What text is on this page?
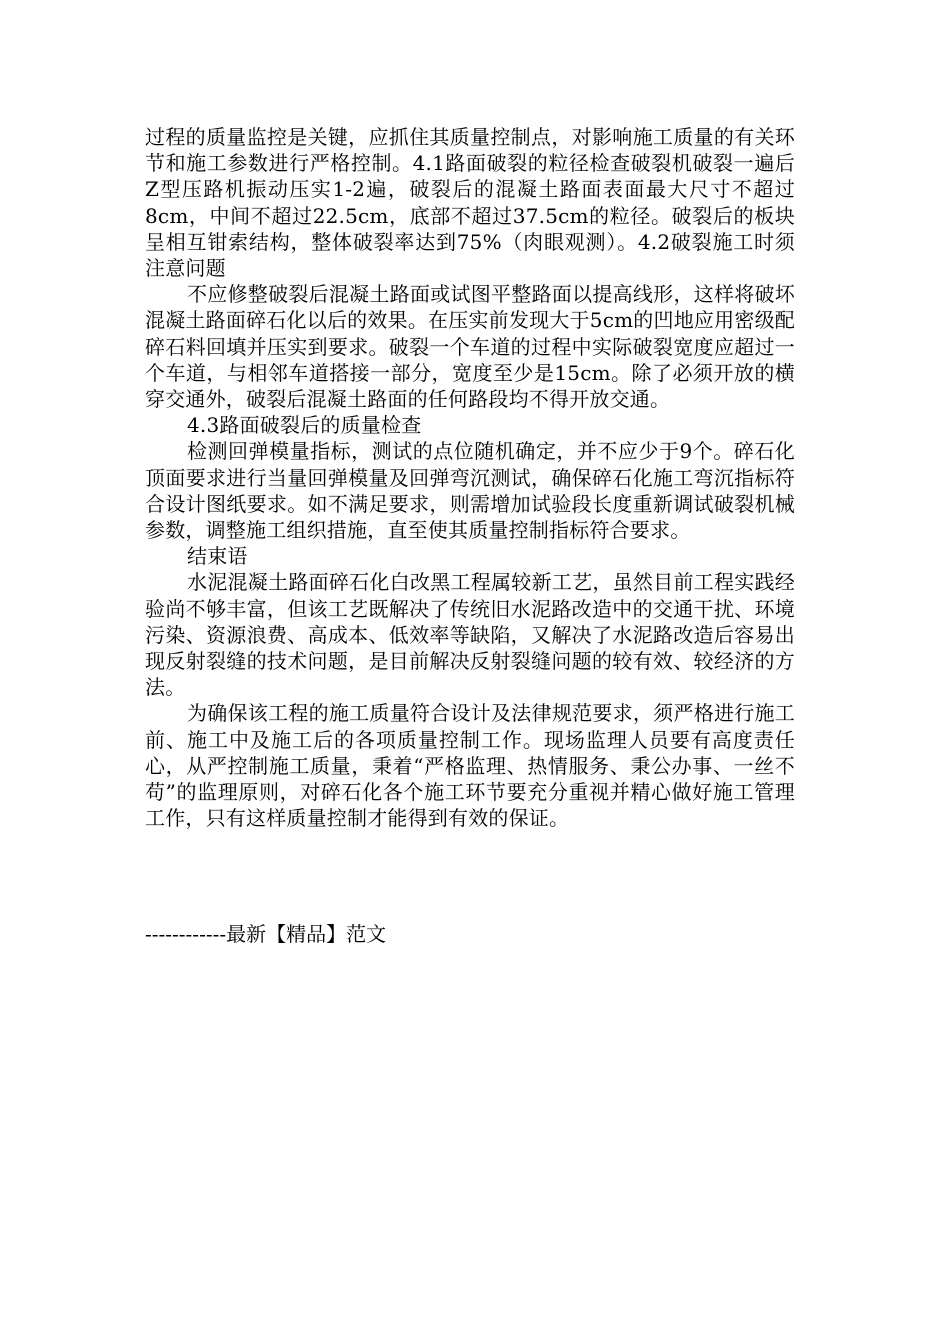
过程的质量监控是关键，应抓住其质量控制点，对影响施工质量的有关环节和施工参数进行严格控制。4.1路面破裂的粒径检查破裂机破裂一遍后Z型压路机振动压实1-2遍，破裂后的混凝土路面表面最大尺寸不超过8cm，中间不超过22.5cm，底部不超过37.5cm的粒径。破裂后的板块呈相互钳索结构，整体破裂率达到75%（肉眼观测）。4.2破裂施工时须注意问题

不应修整破裂后混凝土路面或试图平整路面以提高线形，这样将破坏混凝土路面碎石化以后的效果。在压实前发现大于5cm的凹地应用密级配碎石料回填并压实到要求。破裂一个车道的过程中实际破裂宽度应超过一个车道，与相邻车道搭接一部分，宽度至少是15cm。除了必须开放的横穿交通外，破裂后混凝土路面的任何路段均不得开放交通。

4.3路面破裂后的质量检查

检测回弹模量指标，测试的点位随机确定，并不应少于9个。碎石化顶面要求进行当量回弹模量及回弹弯沉测试，确保碎石化施工弯沉指标符合设计图纸要求。如不满足要求，则需增加试验段长度重新调试破裂机械参数，调整施工组织措施，直至使其质量控制指标符合要求。

结束语

水泥混凝土路面碎石化白改黑工程属较新工艺，虽然目前工程实践经验尚不够丰富，但该工艺既解决了传统旧水泥路改造中的交通干扰、环境污染、资源浪费、高成本、低效率等缺陷，又解决了水泥路改造后容易出现反射裂缝的技术问题，是目前解决反射裂缝问题的较有效、较经济的方法。

为确保该工程的施工质量符合设计及法律规范要求，须严格进行施工前、施工中及施工后的各项质量控制工作。现场监理人员要有高度责任心，从严控制施工质量，秉着“严格监理、热情服务、秉公办事、一丝不苟”的监理原则，对碎石化各个施工环节要充分重视并精心做好施工管理工作，只有这样质量控制才能得到有效的保证。

------------最新【精品】范文
